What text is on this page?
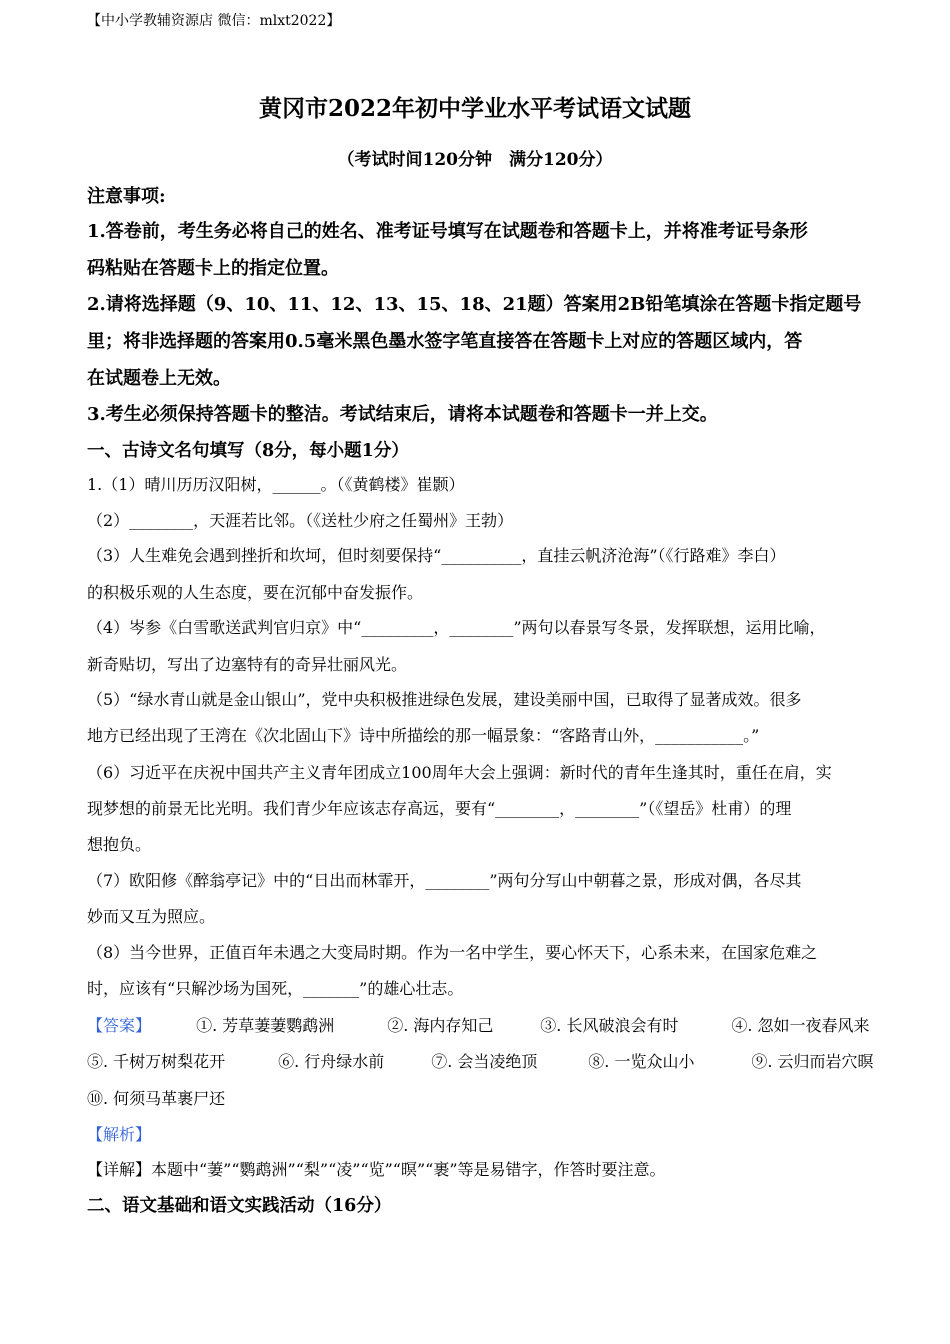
【中小学教辅资源店 微信：mlxt2022】
黄冈市2022年初中学业水平考试语文试题
（考试时间120分钟　满分120分）
注意事项:
1.答卷前，考生务必将自己的姓名、准考证号填写在试题卷和答题卡上，并将准考证号条形
码粘贴在答题卡上的指定位置。
2.请将选择题（9、10、11、12、13、15、18、21题）答案用2B铅笔填涂在答题卡指定题号
里；将非选择题的答案用0.5毫米黑色墨水签字笔直接答在答题卡上对应的答题区域内，答
在试题卷上无效。
3.考生必须保持答题卡的整洁。考试结束后，请将本试题卷和答题卡一并上交。
一、古诗文名句填写（8分，每小题1分）
1.（1）晴川历历汉阳树，______。（《黄鹤楼》崔颢）
（2）________，天涯若比邻。（《送杜少府之任蜀州》王勃）
（3）人生难免会遇到挫折和坎坷，但时刻要保持“__________，直挂云帆济沧海”（《行路难》李白）
的积极乐观的人生态度，要在沉郁中奋发振作。
（4）岑参《白雪歌送武判官归京》中“_________，________”两句以春景写冬景，发挥联想，运用比喻，
新奇贴切，写出了边塞特有的奇异壮丽风光。
（5）“绿水青山就是金山银山”，党中央积极推进绿色发展，建设美丽中国，已取得了显著成效。很多
地方已经出现了王湾在《次北固山下》诗中所描绘的那一幅景象：“客路青山外，___________。”
（6）习近平在庆祝中国共产主义青年团成立100周年大会上强调：新时代的青年生逢其时，重任在肩，实
现梦想的前景无比光明。我们青少年应该志存高远，要有“________，________”（《望岳》杜甫）的理
想抱负。
（7）欧阳修《醉翁亭记》中的“日出而林霏开，________”两句分写山中朝暮之景，形成对偶，各尽其
妙而又互为照应。
（8）当今世界，正值百年未遇之大变局时期。作为一名中学生，要心怀天下，心系未来，在国家危难之
时，应该有“只解沙场为国死，_______”的雄心壮志。
【答案】	①. 芳草萋萋鹦鹉洲	②. 海内存知己	③. 长风破浪会有时	④. 忽如一夜春风来
⑤. 千树万树梨花开	⑥. 行舟绿水前	⑦. 会当凌绝顶	⑧. 一览众山小	⑨. 云归而岩穴暝
⑩. 何须马革裹尸还
【解析】
【详解】本题中“萋”“鹦鹉洲”“梨”“凌”“览”“暝”“裹”等是易错字，作答时要注意。
二、语文基础和语文实践活动（16分）
